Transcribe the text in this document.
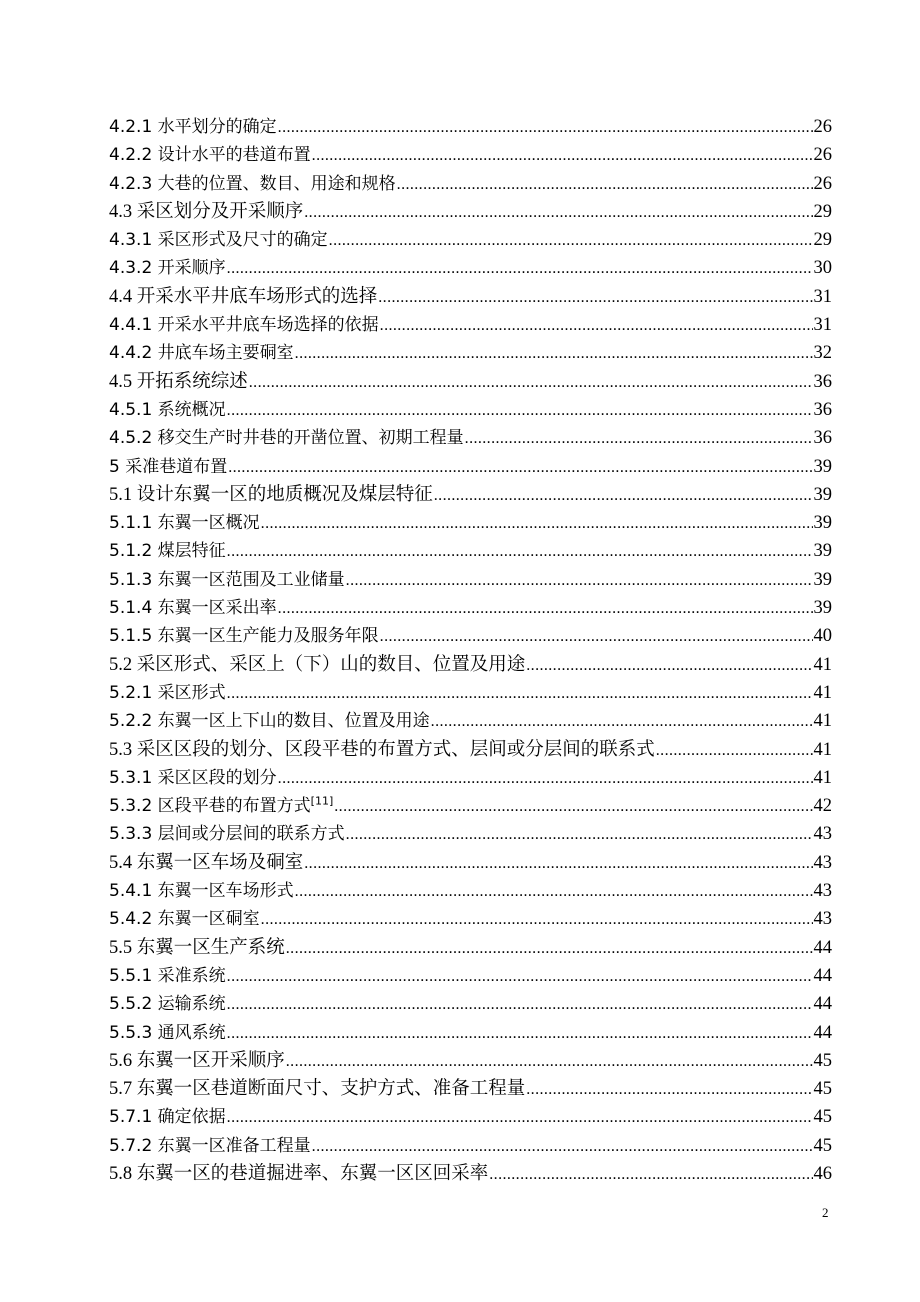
4.2.1 水平划分的确定 .....	26
4.2.2 设计水平的巷道布置 .....	26
4.2.3 大巷的位置、数目、用途和规格 .....	26
4.3 采区划分及开采顺序 .....	29
4.3.1 采区形式及尺寸的确定 .....	29
4.3.2 开采顺序 .....	30
4.4 开采水平井底车场形式的选择 .....	31
4.4.1 开采水平井底车场选择的依据 .....	31
4.4.2 井底车场主要硐室 .....	32
4.5 开拓系统综述 .....	36
4.5.1 系统概况 .....	36
4.5.2 移交生产时井巷的开凿位置、初期工程量 .....	36
5 采准巷道布置 .....	39
5.1 设计东翼一区的地质概况及煤层特征 .....	39
5.1.1 东翼一区概况 .....	39
5.1.2 煤层特征 .....	39
5.1.3 东翼一区范围及工业储量 .....	39
5.1.4 东翼一区采出率 .....	39
5.1.5 东翼一区生产能力及服务年限 .....	40
5.2 采区形式、采区上（下）山的数目、位置及用途 .....	41
5.2.1 采区形式 .....	41
5.2.2 东翼一区上下山的数目、位置及用途 .....	41
5.3 采区区段的划分、区段平巷的布置方式、层间或分层间的联系式 .....	41
5.3.1 采区区段的划分 .....	41
5.3.2 区段平巷的布置方式[11] .....	42
5.3.3 层间或分层间的联系方式 .....	43
5.4 东翼一区车场及硐室 .....	43
5.4.1 东翼一区车场形式 .....	43
5.4.2 东翼一区硐室 .....	43
5.5 东翼一区生产系统 .....	44
5.5.1 采准系统 .....	44
5.5.2 运输系统 .....	44
5.5.3 通风系统 .....	44
5.6 东翼一区开采顺序 .....	45
5.7 东翼一区巷道断面尺寸、支护方式、准备工程量 .....	45
5.7.1 确定依据 .....	45
5.7.2 东翼一区准备工程量 .....	45
5.8 东翼一区的巷道掘进率、东翼一区区回采率 .....	46
2
